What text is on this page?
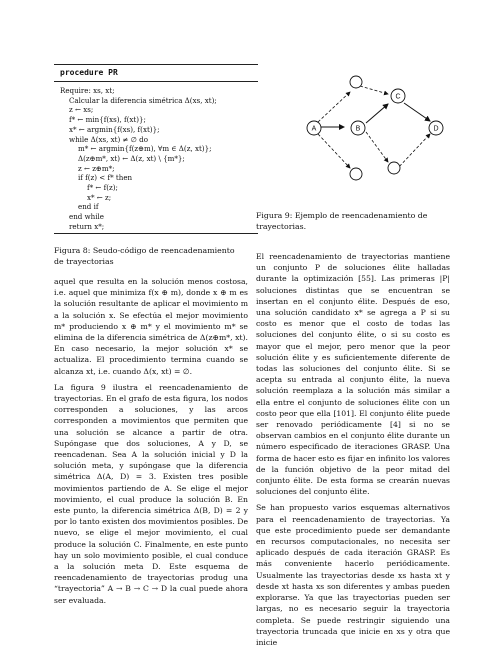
procedure PR
Require: xs, xt;
Calcular la diferencia simétrica Δ(xs, xt);
z ← xs;
f* ← min{f(xs), f(xt)};
x* ← argmin{f(xs), f(xt)};
while Δ(xs, xt) ≠ ∅ do
m* ← argmin{f(z⊕m), ∀m ∈ Δ(z, xt)};
Δ(z⊕m*, xt) ← Δ(z, xt) \ {m*};
z ← z⊕m*;
if f(z) < f* then
f* ← f(z);
x* ← z;
end if
end while
return x*;
A	B
C
D
Figura 9: Ejemplo de reencadenamiento de trayectorias.
Figura 8: Seudo-código de reencadenamiento de trayectorias

aquel que resulta en la solución menos costosa, i.e. aquel que minimiza f(x ⊕ m), donde x ⊕ m es la solución resultante de aplicar el movimiento m a la solución x. Se efectúa el mejor movimiento m* produciendo x ⊕ m* y el movimiento m* se elimina de la diferencia simétrica de Δ(z⊕m*, xt). En caso necesario, la mejor solución x* se actualiza. El procedimiento termina cuando se alcanza xt, i.e. cuando Δ(x, xt) = ∅.

La figura 9 ilustra el reencadenamiento de trayectorias. En el grafo de esta figura, los nodos corresponden a soluciones, y las arcos corresponden a movimientos que permiten que una solución se alcance a partir de otra. Supóngase que dos soluciones, A y D, se reencadenan. Sea A la solución inicial y D la solución meta, y supóngase que la diferencia simétrica Δ(A, D) = 3. Existen tres posible movimientos partiendo de A. Se elige el mejor movimiento, el cual produce la solución B. En este punto, la diferencia simétrica Δ(B, D) = 2 y por lo tanto existen dos movimientos posibles. De nuevo, se elige el mejor movimiento, el cual produce la solución C. Finalmente, en este punto hay un solo movimiento posible, el cual conduce a la solución meta D. Este esquema de reencadenamiento de trayectorias produg una “trayectoria” A → B → C → D la cual puede ahora ser evaluada.

El reencadenamiento de trayectorias mantiene un conjunto P de soluciones élite halladas durante la optimización [55]. Las primeras |P| soluciones distintas que se encuentran se insertan en el conjunto élite. Después de eso, una solución candidato x* se agrega a P si su costo es menor que el costo de todas las soluciones del conjunto élite, o si su costo es mayor que el mejor, pero menor que la peor solución élite y es suficientemente diferente de todas las soluciones del conjunto élite. Si se acepta su entrada al conjunto élite, la nueva solución reemplaza a la solución más similar a ella entre el conjunto de soluciones élite con un costo peor que ella [101]. El conjunto élite puede ser renovado periódicamente [4] si no se observan cambios en el conjunto élite durante un número especificado de iteraciones GRASP. Una forma de hacer esto es fijar en infinito los valores de la función objetivo de la peor mitad del conjunto élite. De esta forma se crearán nuevas soluciones del conjunto élite.

Se han propuesto varios esquemas alternativos para el reencadenamiento de trayectorias. Ya que este procedimiento puede ser demandante en recursos computacionales, no necesita ser aplicado después de cada iteración GRASP. Es más conveniente hacerlo periódicamente. Usualmente las trayectorias desde xs hasta xt y desde xt hasta xs son diferentes y ambas pueden explorarse. Ya que las trayectorias pueden ser largas, no es necesario seguir la trayectoria completa. Se puede restringir siguiendo una trayectoria truncada que inicie en xs y otra que inicie
